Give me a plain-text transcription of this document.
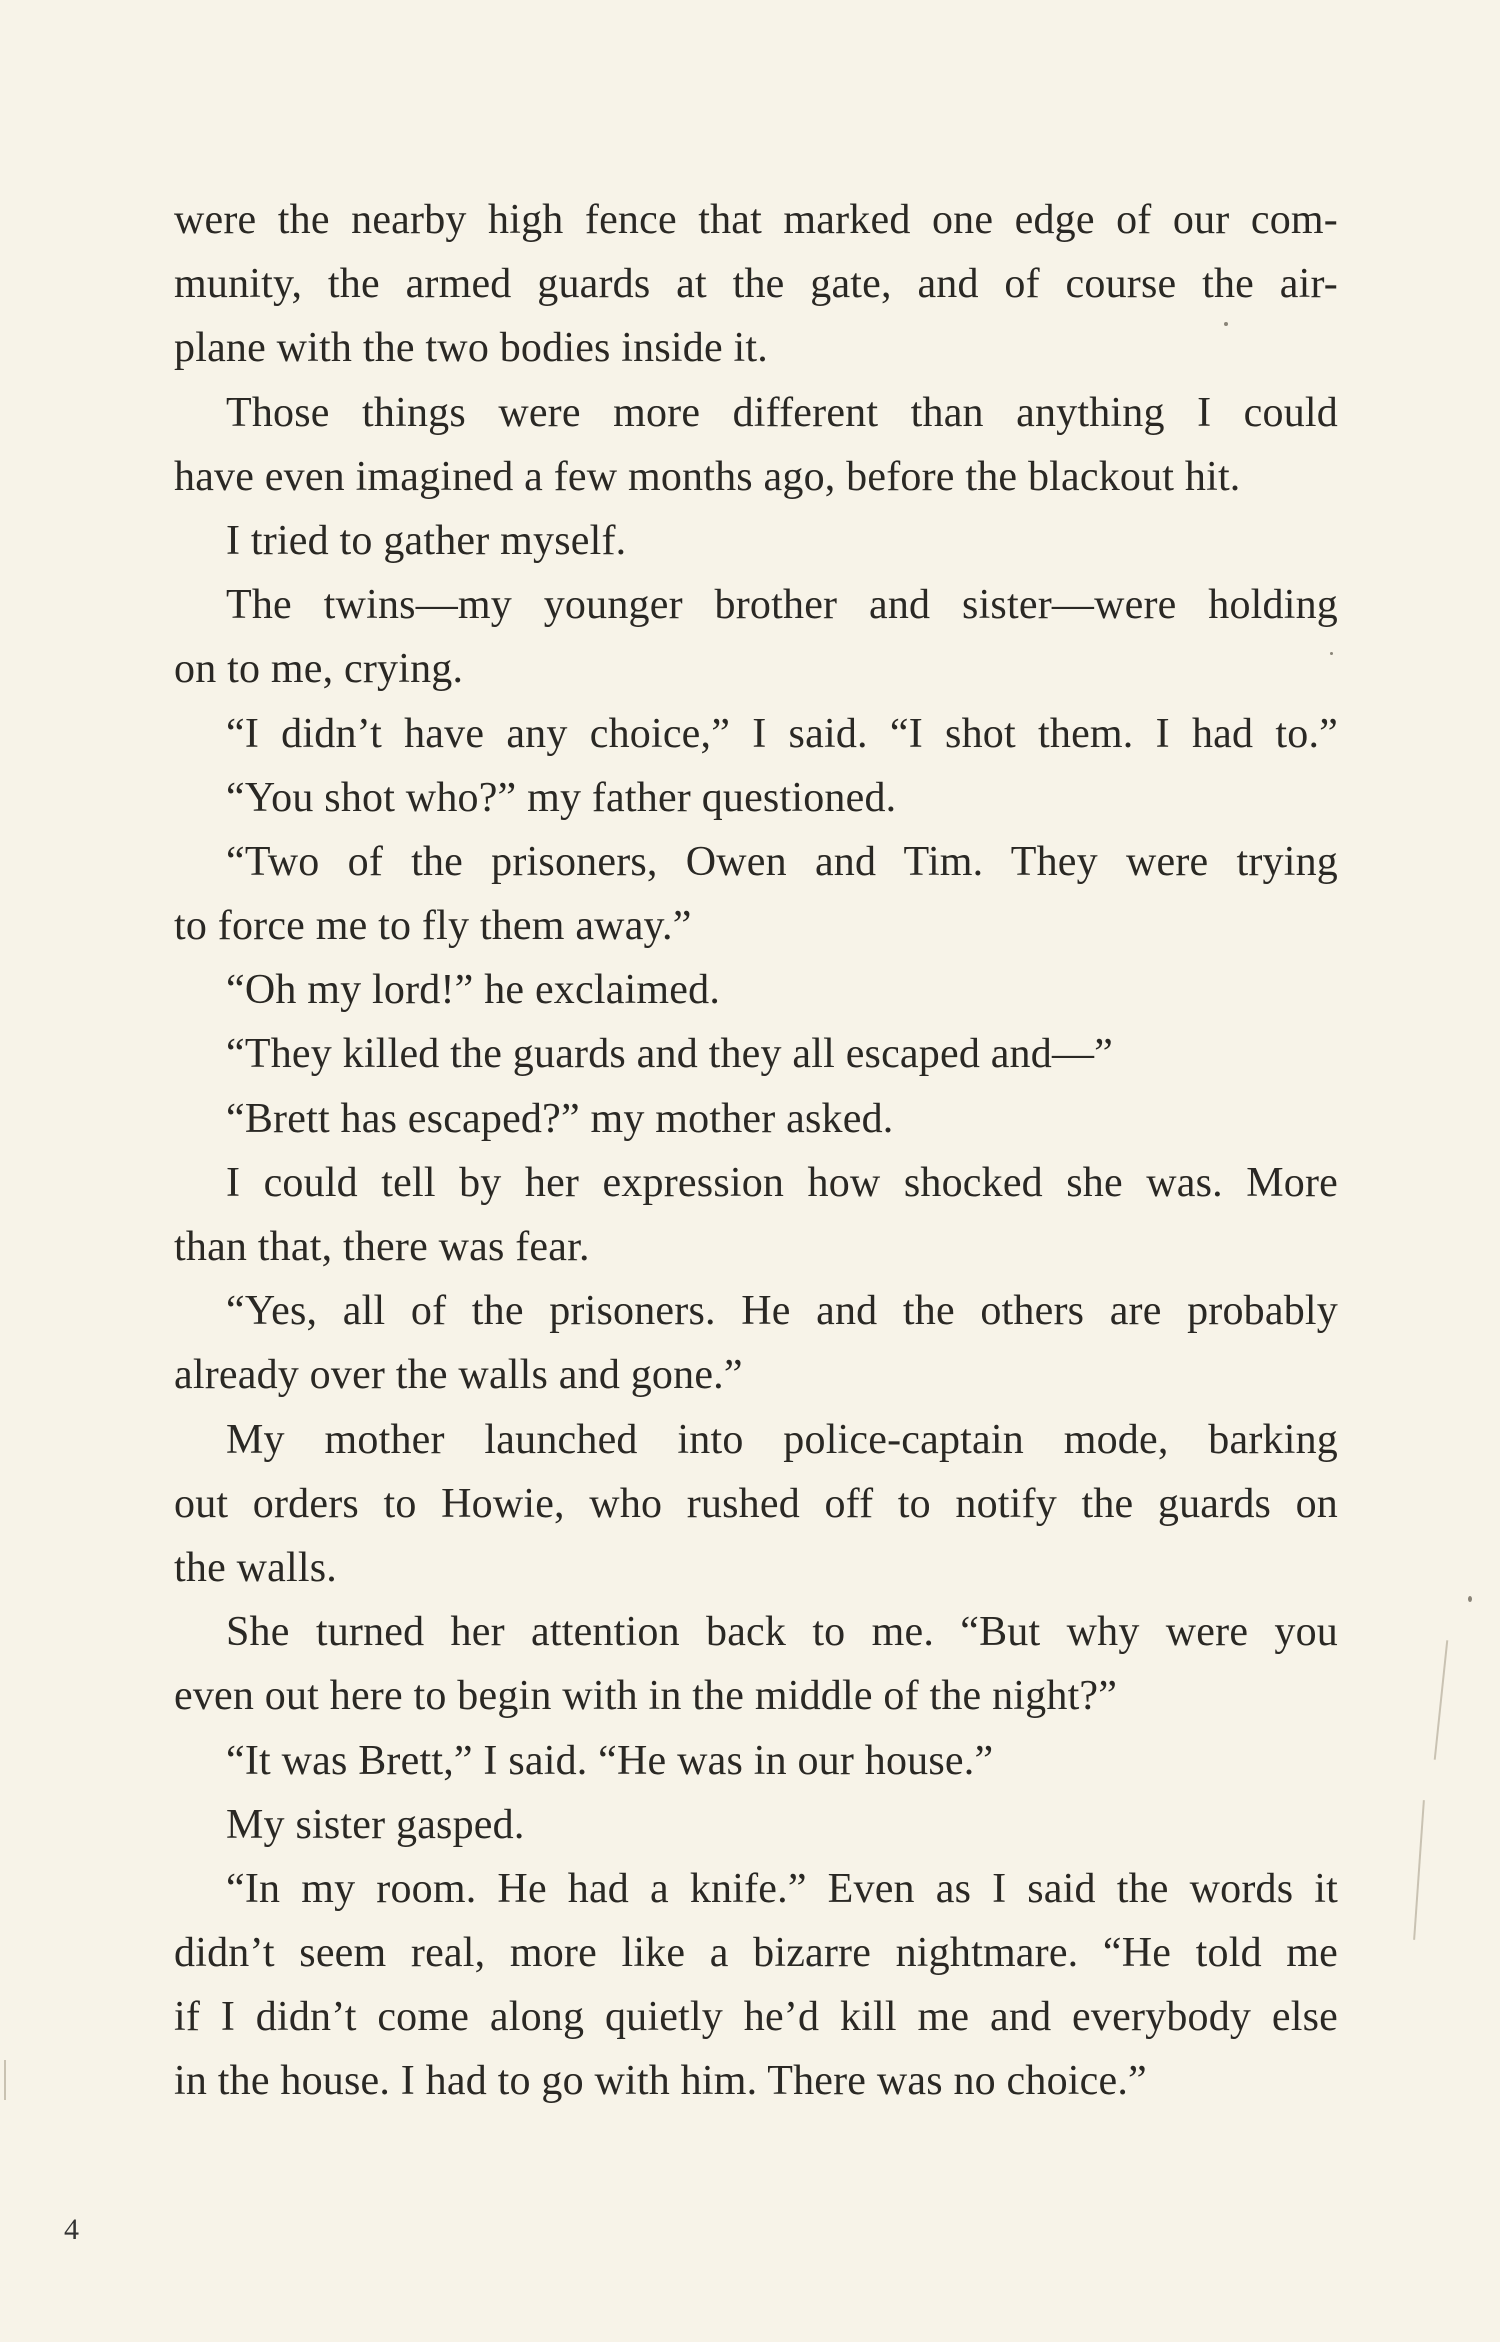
were the nearby high fence that marked one edge of our com-
munity, the armed guards at the gate, and of course the air-
plane with the two bodies inside it.
Those things were more different than anything I could
have even imagined a few months ago, before the blackout hit.
I tried to gather myself.
The twins—my younger brother and sister—were holding
on to me, crying.
“I didn’t have any choice,” I said. “I shot them. I had to.”
“You shot who?” my father questioned.
“Two of the prisoners, Owen and Tim. They were trying
to force me to fly them away.”
“Oh my lord!” he exclaimed.
“They killed the guards and they all escaped and—”
“Brett has escaped?” my mother asked.
I could tell by her expression how shocked she was. More
than that, there was fear.
“Yes, all of the prisoners. He and the others are probably
already over the walls and gone.”
My mother launched into police-captain mode, barking
out orders to Howie, who rushed off to notify the guards on
the walls.
She turned her attention back to me. “But why were you
even out here to begin with in the middle of the night?”
“It was Brett,” I said. “He was in our house.”
My sister gasped.
“In my room. He had a knife.” Even as I said the words it
didn’t seem real, more like a bizarre nightmare. “He told me
if I didn’t come along quietly he’d kill me and everybody else
in the house. I had to go with him. There was no choice.”
4
